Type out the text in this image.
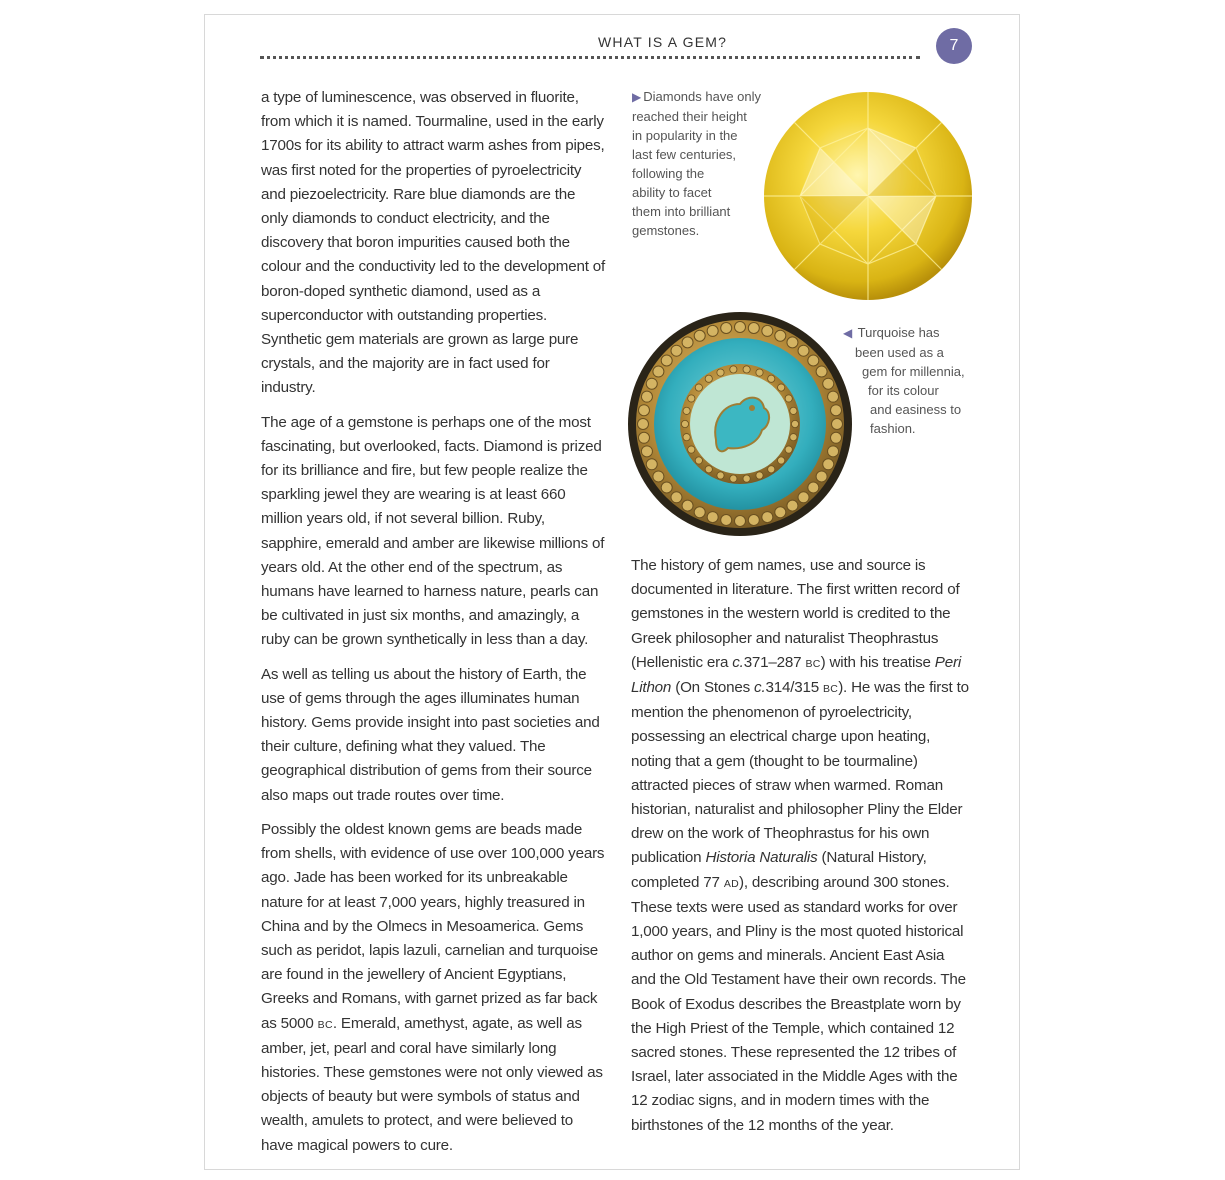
WHAT IS A GEM?	7
▶ Diamonds have only
reached their height
in popularity in the
last few centuries,
following the
ability to facet
them into brilliant
gemstones.
◀ Turquoise has
been used as a
gem for millennia,
for its colour
and easiness to
fashion.

a type of luminescence, was observed in fluorite, from which it is named. Tourmaline, used in the early 1700s for its ability to attract warm ashes from pipes, was first noted for the properties of pyroelectricity and piezoelectricity. Rare blue diamonds are the only diamonds to conduct electricity, and the discovery that boron impurities caused both the colour and the conductivity led to the development of boron-doped synthetic diamond, used as a superconductor with outstanding properties. Synthetic gem materials are grown as large pure crystals, and the majority are in fact used for industry.

The age of a gemstone is perhaps one of the most fascinating, but overlooked, facts. Diamond is prized for its brilliance and fire, but few people realize the sparkling jewel they are wearing is at least 660 million years old, if not several billion. Ruby, sapphire, emerald and amber are likewise millions of years old. At the other end of the spectrum, as humans have learned to harness nature, pearls can be cultivated in just six months, and amazingly, a ruby can be grown synthetically in less than a day.

As well as telling us about the history of Earth, the use of gems through the ages illuminates human history. Gems provide insight into past societies and their culture, defining what they valued. The geographical distribution of gems from their source also maps out trade routes over time.

Possibly the oldest known gems are beads made from shells, with evidence of use over 100,000 years ago. Jade has been worked for its unbreakable nature for at least 7,000 years, highly treasured in China and by the Olmecs in Mesoamerica. Gems such as peridot, lapis lazuli, carnelian and turquoise are found in the jewellery of Ancient Egyptians, Greeks and Romans, with garnet prized as far back as 5000 BC. Emerald, amethyst, agate, as well as amber, jet, pearl and coral have similarly long histories. These gemstones were not only viewed as objects of beauty but were symbols of status and wealth, amulets to protect, and were believed to have magical powers to cure.

The history of gem names, use and source is documented in literature. The first written record of gemstones in the western world is credited to the Greek philosopher and naturalist Theophrastus (Hellenistic era c.371–287 BC) with his treatise Peri Lithon (On Stones c.314/315 BC). He was the first to mention the phenomenon of pyroelectricity, possessing an electrical charge upon heating, noting that a gem (thought to be tourmaline) attracted pieces of straw when warmed. Roman historian, naturalist and philosopher Pliny the Elder drew on the work of Theophrastus for his own publication Historia Naturalis (Natural History, completed 77 AD), describing around 300 stones. These texts were used as standard works for over 1,000 years, and Pliny is the most quoted historical author on gems and minerals. Ancient East Asia and the Old Testament have their own records. The Book of Exodus describes the Breastplate worn by the High Priest of the Temple, which contained 12 sacred stones. These represented the 12 tribes of Israel, later associated in the Middle Ages with the 12 zodiac signs, and in modern times with the birthstones of the 12 months of the year.
